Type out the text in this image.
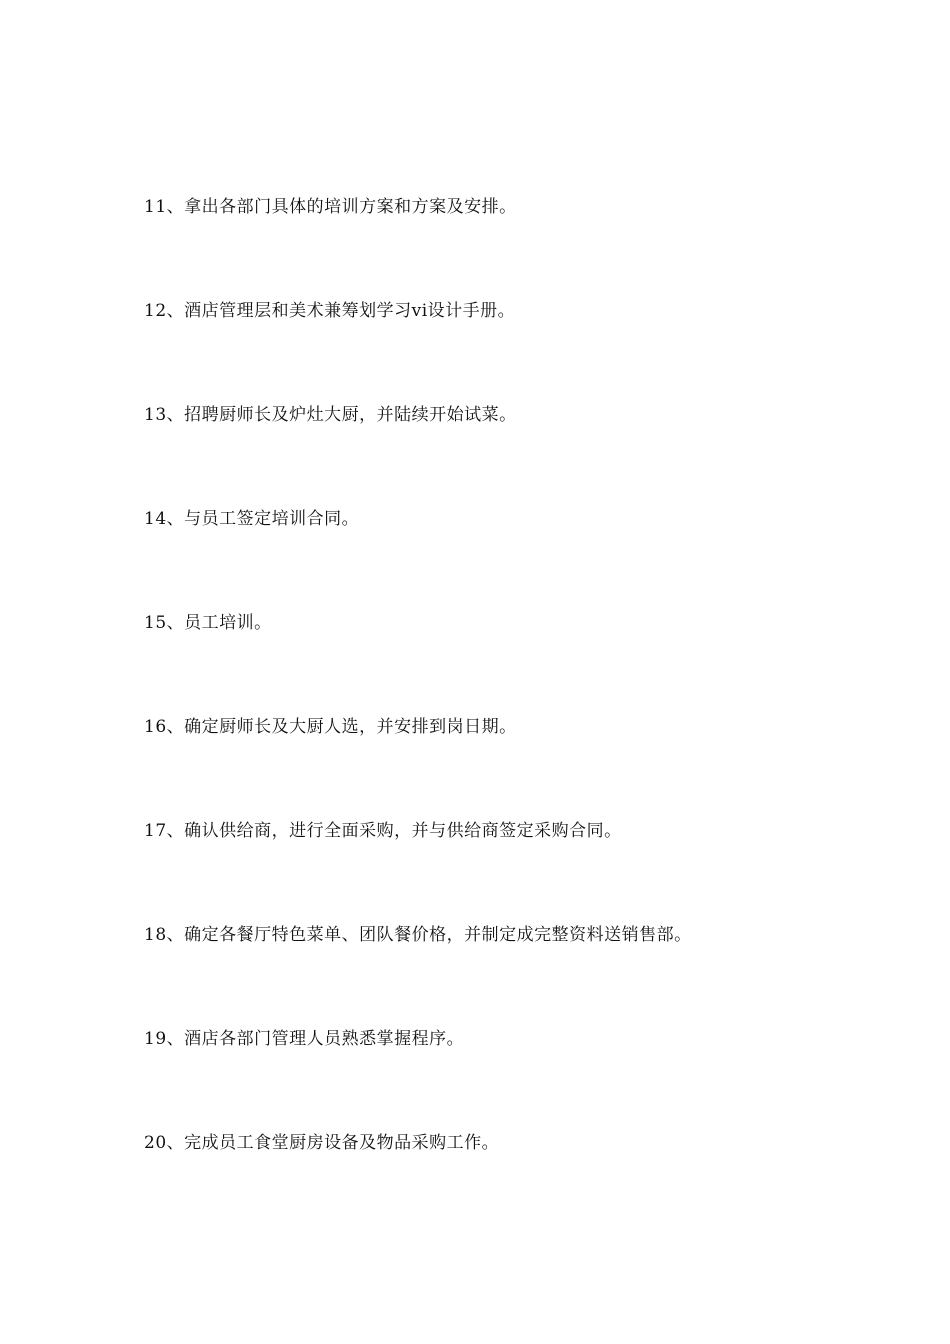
11、拿出各部门具体的培训方案和方案及安排。
12、酒店管理层和美术兼筹划学习vi设计手册。
13、招聘厨师长及炉灶大厨，并陆续开始试菜。
14、与员工签定培训合同。
15、员工培训。
16、确定厨师长及大厨人选，并安排到岗日期。
17、确认供给商，进行全面采购，并与供给商签定采购合同。
18、确定各餐厅特色菜单、团队餐价格，并制定成完整资料送销售部。
19、酒店各部门管理人员熟悉掌握程序。
20、完成员工食堂厨房设备及物品采购工作。
